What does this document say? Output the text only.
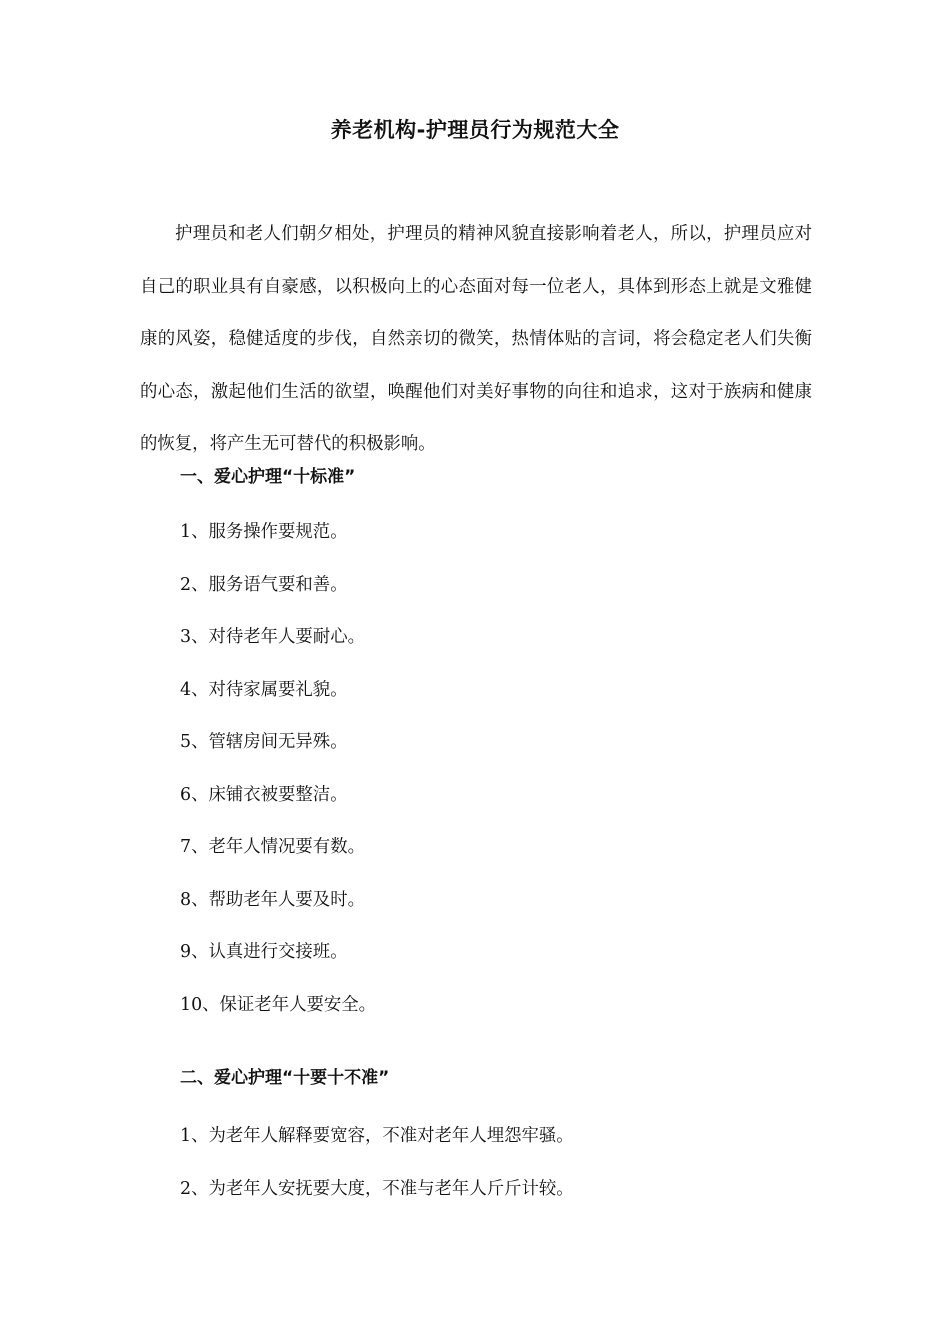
养老机构-护理员行为规范大全

护理员和老人们朝夕相处，护理员的精神风貌直接影响着老人，所以，护理员应对自己的职业具有自豪感，以积极向上的心态面对每一位老人，具体到形态上就是文雅健康的风姿，稳健适度的步伐，自然亲切的微笑，热情体贴的言词，将会稳定老人们失衡的心态，激起他们生活的欲望，唤醒他们对美好事物的向往和追求，这对于族病和健康的恢复，将产生无可替代的积极影响。

一、爱心护理“十标准”

1、服务操作要规范。

2、服务语气要和善。

3、对待老年人要耐心。

4、对待家属要礼貌。

5、管辖房间无异殊。

6、床铺衣被要整洁。

7、老年人情况要有数。

8、帮助老年人要及时。

9、认真进行交接班。

10、保证老年人要安全。

二、爱心护理“十要十不准”

1、为老年人解释要宽容，不准对老年人埋怨牢骚。

2、为老年人安抚要大度，不准与老年人斤斤计较。
